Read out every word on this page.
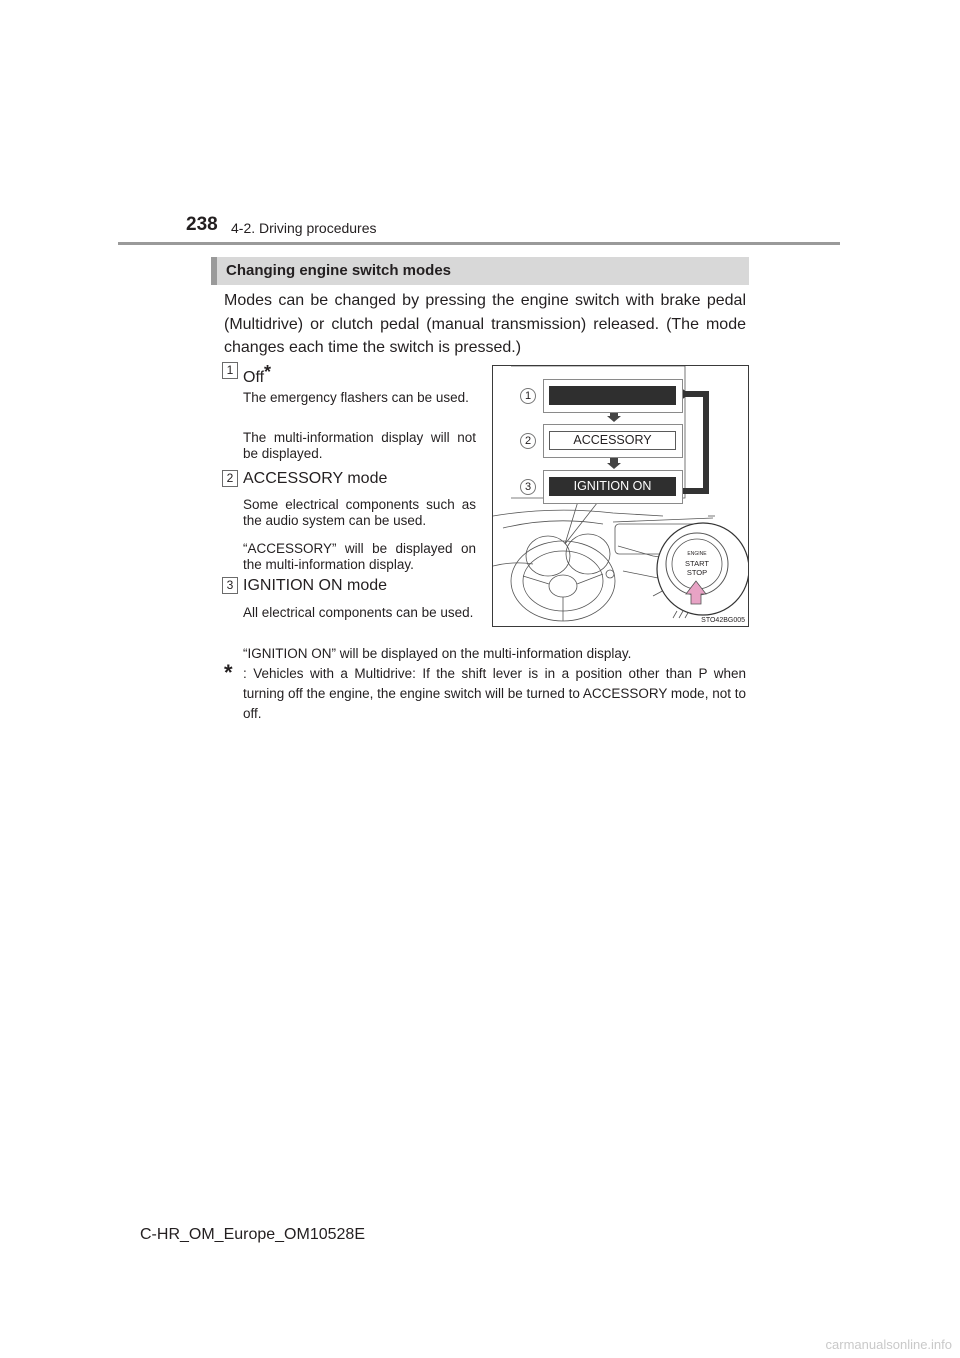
238 4-2. Driving procedures
Changing engine switch modes
Modes can be changed by pressing the engine switch with brake pedal (Multidrive) or clutch pedal (manual transmission) released. (The mode changes each time the switch is pressed.)
1 Off*
The emergency flashers can be used.
The multi-information display will not be displayed.
2 ACCESSORY mode
Some electrical components such as the audio system can be used.
“ACCESSORY” will be displayed on the multi-information display.
3 IGNITION ON mode
All electrical components can be used.
“IGNITION ON” will be displayed on the multi-information display.
* : Vehicles with a Multidrive: If the shift lever is in a position other than P when turning off the engine, the engine switch will be turned to ACCESSORY mode, not to off.
ACCESSORY
IGNITION ON
1
2
3
ENGINE
START
STOP
STO42BG005
C-HR_OM_Europe_OM10528E
carmanualsonline.info
